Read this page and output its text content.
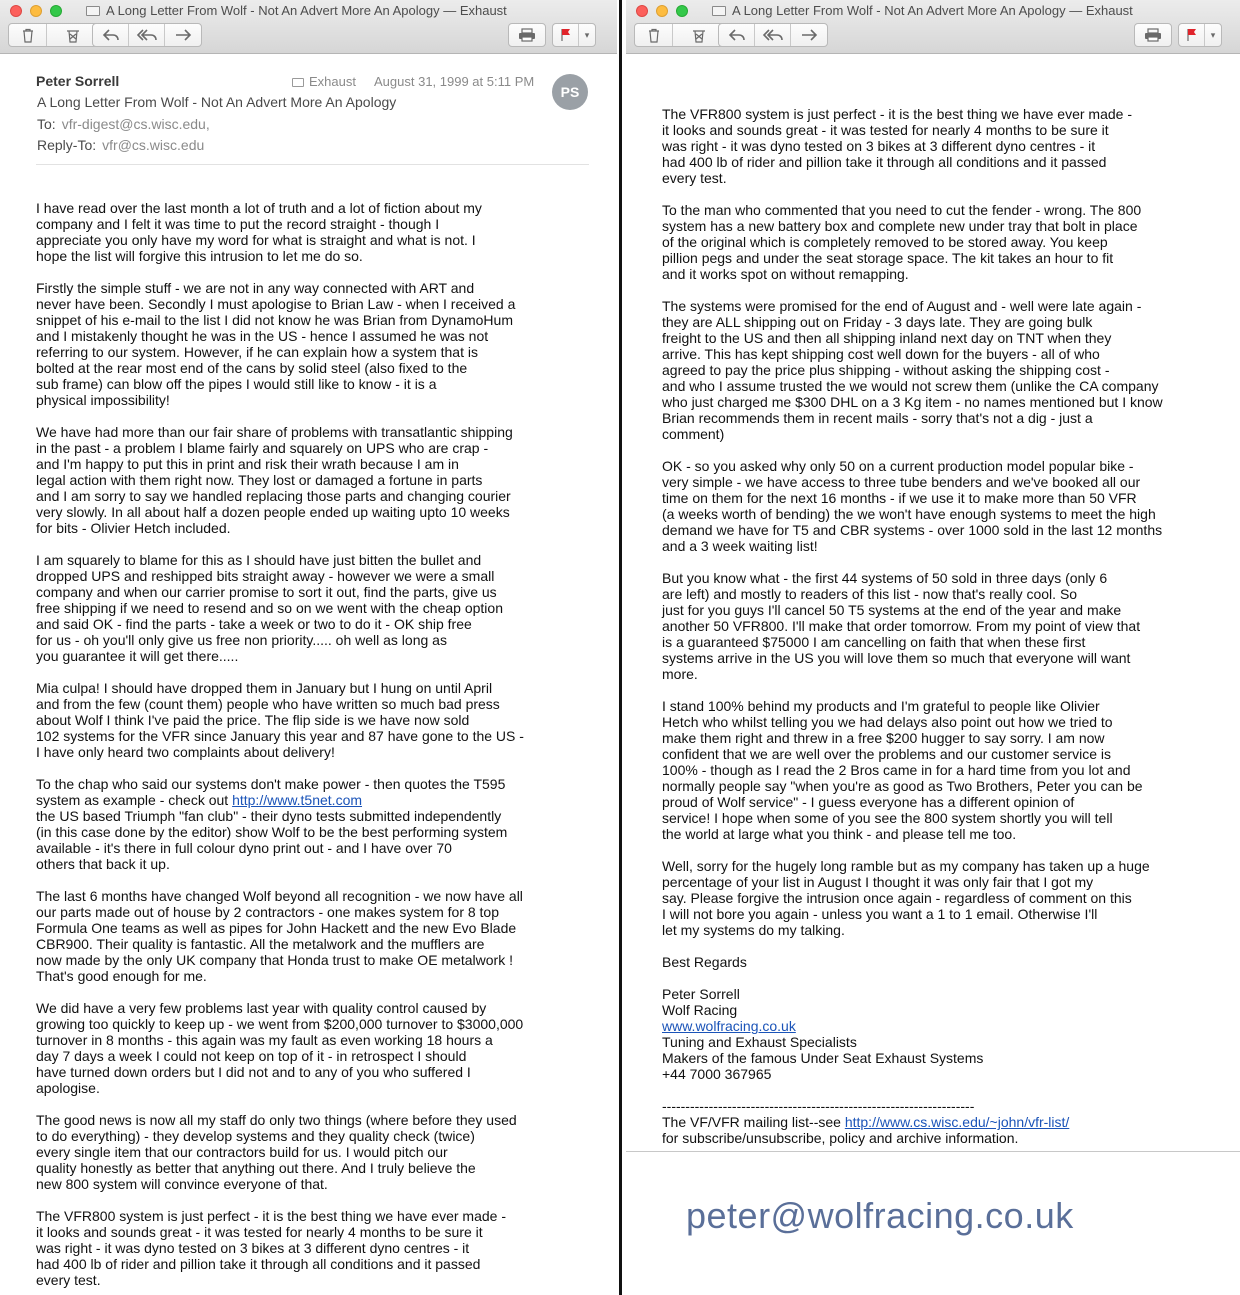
A Long Letter From Wolf - Not An Advert More An Apology — Exhaust
▾
Peter Sorrell	Exhaust August 31, 1999 at 5:11 PM
PS
A Long Letter From Wolf - Not An Advert More An Apology
To: vfr-digest@cs.wisc.edu,
Reply-To: vfr@cs.wisc.edu

I have read over the last month a lot of truth and a lot of fiction about my
company and I felt it was time to put the record straight - though I
appreciate you only have my word for what is straight and what is not. I
hope the list will forgive this intrusion to let me do so.
Firstly the simple stuff - we are not in any way connected with ART and
never have been. Secondly I must apologise to Brian Law - when I received a
snippet of his e-mail to the list I did not know he was Brian from DynamoHum
and I mistakenly thought he was in the US - hence I assumed he was not
referring to our system. However, if he can explain how a system that is
bolted at the rear most end of the cans by solid steel (also fixed to the
sub frame) can blow off the pipes I would still like to know - it is a
physical impossibility!
We have had more than our fair share of problems with transatlantic shipping
in the past - a problem I blame fairly and squarely on UPS who are crap -
and I'm happy to put this in print and risk their wrath because I am in
legal action with them right now. They lost or damaged a fortune in parts
and I am sorry to say we handled replacing those parts and changing courier
very slowly. In all about half a dozen people ended up waiting upto 10 weeks
for bits - Olivier Hetch included.
I am squarely to blame for this as I should have just bitten the bullet and
dropped UPS and reshipped bits straight away - however we were a small
company and when our carrier promise to sort it out, find the parts, give us
free shipping if we need to resend and so on we went with the cheap option
and said OK - find the parts - take a week or two to do it - OK ship free
for us - oh you'll only give us free non priority..... oh well as long as
you guarantee it will get there.....
Mia culpa! I should have dropped them in January but I hung on until April
and from the few (count them) people who have written so much bad press
about Wolf I think I've paid the price. The flip side is we have now sold
102 systems for the VFR since January this year and 87 have gone to the US -
I have only heard two complaints about delivery!
To the chap who said our systems don't make power - then quotes the T595
system as example - check out http://www.t5net.com
the US based Triumph "fan club" - their dyno tests submitted independently
(in this case done by the editor) show Wolf to be the best performing system
available - it's there in full colour dyno print out - and I have over 70
others that back it up.
The last 6 months have changed Wolf beyond all recognition - we now have all
our parts made out of house by 2 contractors - one makes system for 8 top
Formula One teams as well as pipes for John Hackett and the new Evo Blade
CBR900. Their quality is fantastic. All the metalwork and the mufflers are
now made by the only UK company that Honda trust to make OE metalwork !
That's good enough for me.
We did have a very few problems last year with quality control caused by
growing too quickly to keep up - we went from $200,000 turnover to $3000,000
turnover in 8 months - this again was my fault as even working 18 hours a
day 7 days a week I could not keep on top of it - in retrospect I should
have turned down orders but I did not and to any of you who suffered I
apologise.
The good news is now all my staff do only two things (where before they used
to do everything) - they develop systems and they quality check (twice)
every single item that our contractors build for us. I would pitch our
quality honestly as better that anything out there. And I truly believe the
new 800 system will convince everyone of that.
The VFR800 system is just perfect - it is the best thing we have ever made -
it looks and sounds great - it was tested for nearly 4 months to be sure it
was right - it was dyno tested on 3 bikes at 3 different dyno centres - it
had 400 lb of rider and pillion take it through all conditions and it passed
every test.

A Long Letter From Wolf - Not An Advert More An Apology — Exhaust
▾

The VFR800 system is just perfect - it is the best thing we have ever made -
it looks and sounds great - it was tested for nearly 4 months to be sure it
was right - it was dyno tested on 3 bikes at 3 different dyno centres - it
had 400 lb of rider and pillion take it through all conditions and it passed
every test.
To the man who commented that you need to cut the fender - wrong. The 800
system has a new battery box and complete new under tray that bolt in place
of the original which is completely removed to be stored away. You keep
pillion pegs and under the seat storage space. The kit takes an hour to fit
and it works spot on without remapping.
The systems were promised for the end of August and - well were late again -
they are ALL shipping out on Friday - 3 days late. They are going bulk
freight to the US and then all shipping inland next day on TNT when they
arrive. This has kept shipping cost well down for the buyers - all of who
agreed to pay the price plus shipping - without asking the shipping cost -
and who I assume trusted the we would not screw them (unlike the CA company
who just charged me $300 DHL on a 3 Kg item - no names mentioned but I know
Brian recommends them in recent mails - sorry that's not a dig - just a
comment)
OK - so you asked why only 50 on a current production model popular bike -
very simple - we have access to three tube benders and we've booked all our
time on them for the next 16 months - if we use it to make more than 50 VFR
(a weeks worth of bending) the we won't have enough systems to meet the high
demand we have for T5 and CBR systems - over 1000 sold in the last 12 months
and a 3 week waiting list!
But you know what - the first 44 systems of 50 sold in three days (only 6
are left) and mostly to readers of this list - now that's really cool. So
just for you guys I'll cancel 50 T5 systems at the end of the year and make
another 50 VFR800. I'll make that order tomorrow. From my point of view that
is a guaranteed $75000 I am cancelling on faith that when these first
systems arrive in the US you will love them so much that everyone will want
more.
I stand 100% behind my products and I'm grateful to people like Olivier
Hetch who whilst telling you we had delays also point out how we tried to
make them right and threw in a free $200 hugger to say sorry. I am now
confident that we are well over the problems and our customer service is
100% - though as I read the 2 Bros came in for a hard time from you lot and
normally people say "when you're as good as Two Brothers, Peter you can be
proud of Wolf service" - I guess everyone has a different opinion of
service! I hope when some of you see the 800 system shortly you will tell
the world at large what you think - and please tell me too.
Well, sorry for the hugely long ramble but as my company has taken up a huge
percentage of your list in August I thought it was only fair that I got my
say. Please forgive the intrusion once again - regardless of comment on this
I will not bore you again - unless you want a 1 to 1 email. Otherwise I'll
let my systems do my talking.
Best Regards
Peter Sorrell
Wolf Racing
www.wolfracing.co.uk
Tuning and Exhaust Specialists
Makers of the famous Under Seat Exhaust Systems
+44 7000 367965
-------------------------------------------------------------------
The VF/VFR mailing list--see http://www.cs.wisc.edu/~john/vfr-list/
for subscribe/unsubscribe, policy and archive information.

peter@wolfracing.co.uk
